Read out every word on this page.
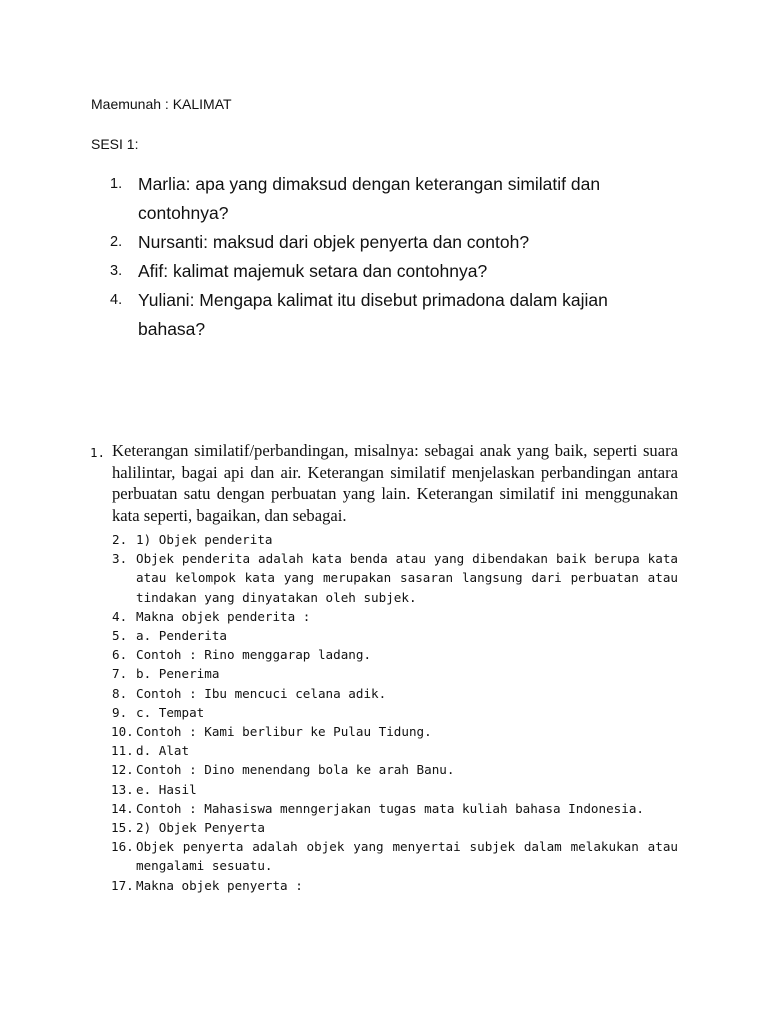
Maemunah : KALIMAT
SESI 1:
1. Marlia: apa yang dimaksud dengan keterangan similatif dan contohnya?
2. Nursanti: maksud dari objek penyerta dan contoh?
3. Afif: kalimat majemuk setara dan contohnya?
4. Yuliani: Mengapa kalimat itu disebut primadona dalam kajian bahasa?
1. Keterangan similatif/perbandingan, misalnya: sebagai anak yang baik, seperti suara halilintar, bagai api dan air. Keterangan similatif menjelaskan perbandingan antara perbuatan satu dengan perbuatan yang lain. Keterangan similatif ini menggunakan kata seperti, bagaikan, dan sebagai.
2. 1) Objek penderita
3. Objek penderita adalah kata benda atau yang dibendakan baik berupa kata atau kelompok kata yang merupakan sasaran langsung dari perbuatan atau tindakan yang dinyatakan oleh subjek.
4. Makna objek penderita :
5. a. Penderita
6. Contoh : Rino menggarap ladang.
7. b. Penerima
8. Contoh : Ibu mencuci celana adik.
9. c. Tempat
10. Contoh : Kami berlibur ke Pulau Tidung.
11. d. Alat
12. Contoh : Dino menendang bola ke arah Banu.
13. e. Hasil
14. Contoh : Mahasiswa menngerjakan tugas mata kuliah bahasa Indonesia.
15. 2) Objek Penyerta
16. Objek penyerta adalah objek yang menyertai subjek dalam melakukan atau mengalami sesuatu.
17. Makna objek penyerta :
